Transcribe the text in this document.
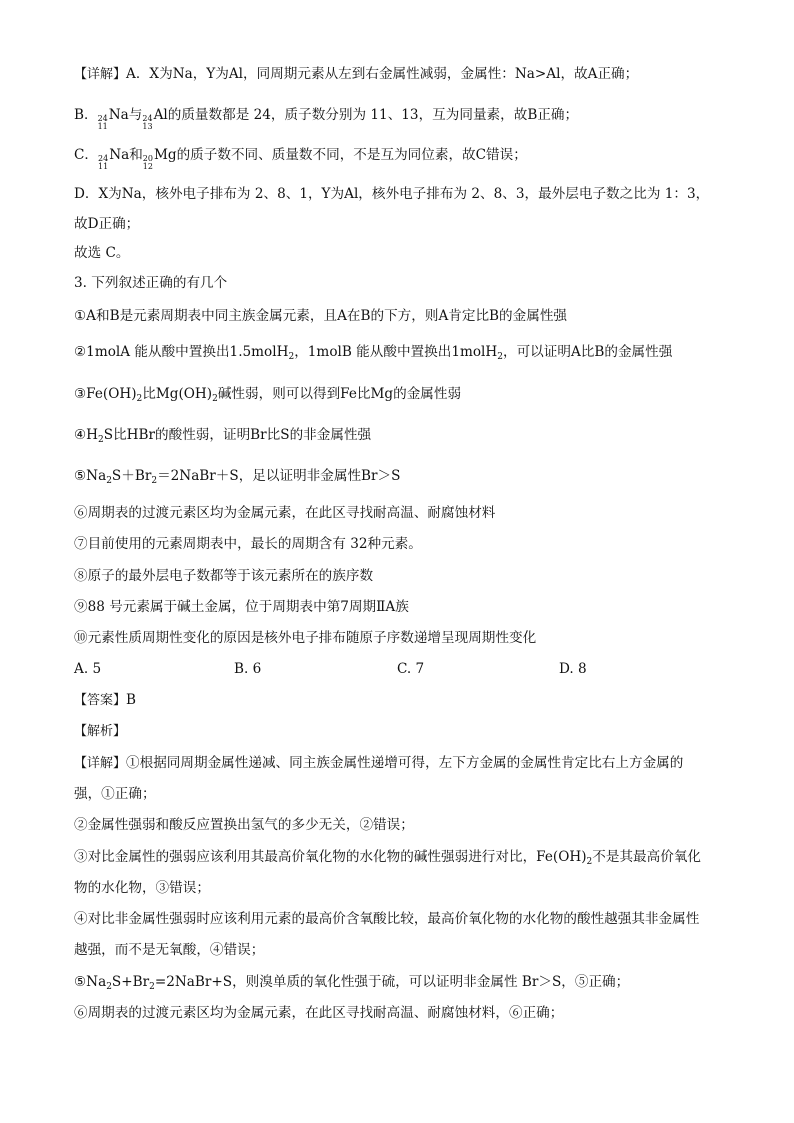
【详解】A．X为Na，Y为Al，同周期元素从左到右金属性减弱，金属性：Na>Al，故A正确；
B． 24
11
Na与 24
13
Al的质量数都是 24，质子数分别为 11、13，互为同量素，故B正确；
C． 24
11
Na和 20
12
Mg的质子数不同、质量数不同，不是互为同位素，故C错误；
D．X为Na，核外电子排布为 2、8、1，Y为Al，核外电子排布为 2、8、3，最外层电子数之比为 1：3，
故D正确；
故选 C。
3. 下列叙述正确的有几个
①A和B是元素周期表中同主族金属元素，且A在B的下方，则A肯定比B的金属性强
②1molA 能从酸中置换出1.5molH$_2$，1molB 能从酸中置换出1molH$_2$，可以证明A比B的金属性强
$③Fe(OH)_2$比$Mg(OH)_2$碱性弱，则可以得到Fe比Mg的金属性弱
$④H_2S$比HBr的酸性弱，证明Br比S的非金属性强
$⑤Na_2S+Br_2=2NaBr+S$，足以证明非金属性Br＞S
⑥周期表的过渡元素区均为金属元素，在此区寻找耐高温、耐腐蚀材料
⑦目前使用的元素周期表中，最长的周期含有 32种元素。
⑧原子的最外层电子数都等于该元素所在的族序数
⑨88 号元素属于碱土金属，位于周期表中第7周期ⅡA族
⑩元素性质周期性变化的原因是核外电子排布随原子序数递增呈现周期性变化
A. 5	B. 6	C. 7	D. 8
【答案】B
【解析】
【详解】①根据同周期金属性递减、同主族金属性递增可得，左下方金属的金属性肯定比右上方金属的
强，①正确；
②金属性强弱和酸反应置换出氢气的多少无关，②错误；
③对比金属性的强弱应该利用其最高价氧化物的水化物的碱性强弱进行对比，$Fe(OH)_2$不是其最高价氧化
物的水化物，③错误；
④对比非金属性强弱时应该利用元素的最高价含氧酸比较，最高价氧化物的水化物的酸性越强其非金属性
越强，而不是无氧酸，④错误；
$⑤Na_2S+Br_2=2NaBr+S$，则溴单质的氧化性强于硫，可以证明非金属性 Br＞S，⑤正确；
⑥周期表的过渡元素区均为金属元素，在此区寻找耐高温、耐腐蚀材料，⑥正确；
